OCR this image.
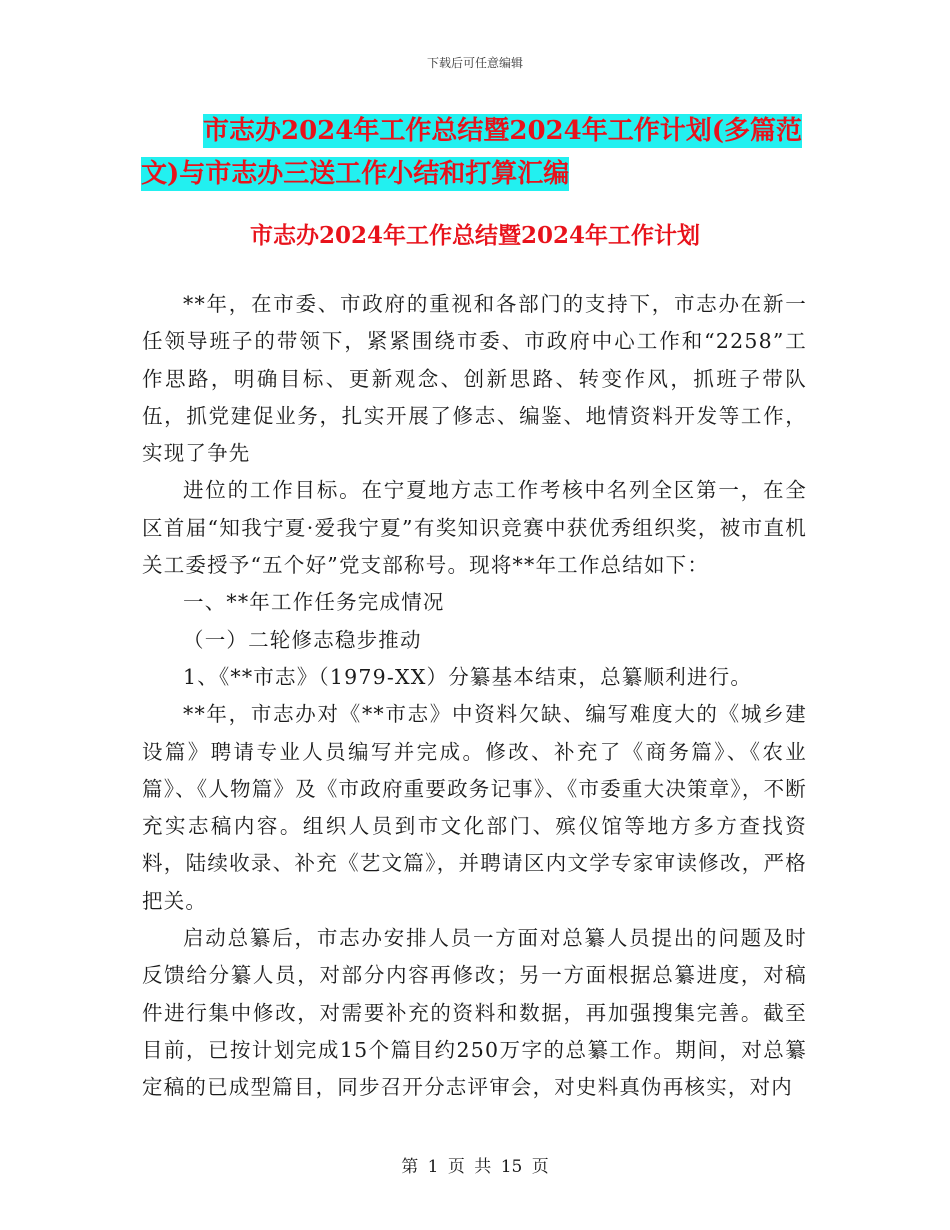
下载后可任意编辑
市志办2024年工作总结暨2024年工作计划(多篇范
文)与市志办三送工作小结和打算汇编
市志办2024年工作总结暨2024年工作计划

**年，在市委、市政府的重视和各部门的支持下，市志办在新一任领导班子的带领下，紧紧围绕市委、市政府中心工作和“2258”工作思路，明确目标、更新观念、创新思路、转变作风，抓班子带队伍，抓党建促业务，扎实开展了修志、编鉴、地情资料开发等工作，实现了争先

进位的工作目标。在宁夏地方志工作考核中名列全区第一，在全区首届“知我宁夏·爱我宁夏”有奖知识竞赛中获优秀组织奖，被市直机关工委授予“五个好”党支部称号。现将**年工作总结如下：

一、**年工作任务完成情况

（一）二轮修志稳步推动

1、《**市志》（1979-XX）分纂基本结束，总纂顺利进行。

**年，市志办对《**市志》中资料欠缺、编写难度大的《城乡建设篇》聘请专业人员编写并完成。修改、补充了《商务篇》、《农业篇》、《人物篇》及《市政府重要政务记事》、《市委重大决策章》，不断充实志稿内容。组织人员到市文化部门、殡仪馆等地方多方查找资料，陆续收录、补充《艺文篇》，并聘请区内文学专家审读修改，严格把关。

启动总纂后，市志办安排人员一方面对总纂人员提出的问题及时反馈给分纂人员，对部分内容再修改；另一方面根据总纂进度，对稿件进行集中修改，对需要补充的资料和数据，再加强搜集完善。截至目前，已按计划完成15个篇目约250万字的总纂工作。期间，对总纂定稿的已成型篇目，同步召开分志评审会，对史料真伪再核实，对内

第 1 页 共 15 页
